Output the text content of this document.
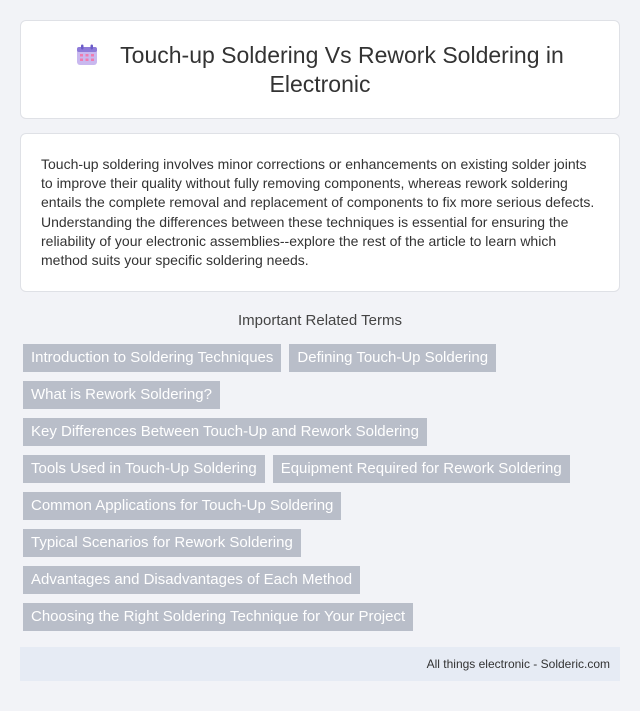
Touch-up Soldering Vs Rework Soldering in Electronic

Touch-up soldering involves minor corrections or enhancements on existing solder joints to improve their quality without fully removing components, whereas rework soldering entails the complete removal and replacement of components to fix more serious defects. Understanding the differences between these techniques is essential for ensuring the reliability of your electronic assemblies--explore the rest of the article to learn which method suits your specific soldering needs.

Important Related Terms
Introduction to Soldering Techniques	Defining Touch-Up Soldering
What is Rework Soldering?
Key Differences Between Touch-Up and Rework Soldering
Tools Used in Touch-Up Soldering	Equipment Required for Rework Soldering
Common Applications for Touch-Up Soldering
Typical Scenarios for Rework Soldering
Advantages and Disadvantages of Each Method
Choosing the Right Soldering Technique for Your Project
All things electronic - Solderic.com
